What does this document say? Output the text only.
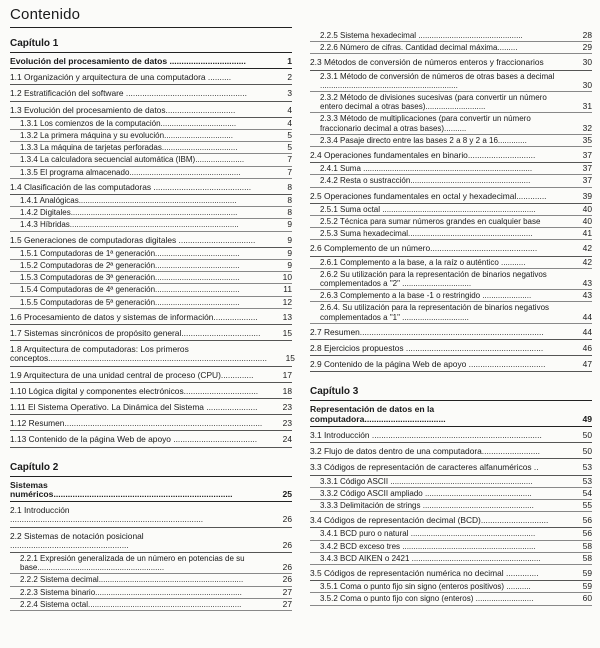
Contenido
Capítulo 1
Evolución del procesamiento de datos ................................	1
1.1 Organización y arquitectura de una computadora ..........	2
1.2 Estratificación del software ....................................................	3
1.3 Evolución del procesamiento de datos..............................	4
1.3.1 Los comienzos de la computación..................................	4
1.3.2 La primera máquina y su evolución...............................	5
1.3.3 La máquina de tarjetas perforadas..................................	5
1.3.4 La calculadora secuencial automática (IBM)......................	7
1.3.5 El programa almacenado..................................................	7
1.4 Clasificación de las computadoras ..........................................	8
1.4.1 Analógicas.......................................................................	8
1.4.2 Digitales...........................................................................	8
1.4.3 Híbridas............................................................................	9
1.5 Generaciones de computadoras digitales .................................	9
1.5.1 Computadoras de 1ª generación......................................	9
1.5.2 Computadoras de 2ª generación......................................	9
1.5.3 Computadoras de 3ª generación......................................	10
1.5.4 Computadoras de 4ª generación......................................	11
1.5.5 Computadoras de 5ª generación......................................	12
1.6 Procesamiento de datos y sistemas de información...................	13
1.7 Sistemas sincrónicos de propósito general..................................	15
1.8 Arquitectura de computadoras: Los primeros conceptos..............................................................................................	15
1.9 Arquitectura de una unidad central de proceso (CPU)..............	17
1.10 Lógica digital y componentes electrónicos................................	18
1.11 El Sistema Operativo. La Dinámica del Sistema ......................	23
1.12 Resumen.....................................................................................	23
1.13 Contenido de la página Web de apoyo ....................................	24
Capítulo 2
Sistemas numéricos...........................................................................	25
2.1 Introducción ...................................................................................	26
2.2 Sistemas de notación posicional ...................................................	26
2.2.1 Expresión generalizada de un número en potencias de su base.........................................................	26
2.2.2 Sistema decimal.................................................................	26
2.2.3 Sistema binario..................................................................	27
2.2.4 Sistema octal.....................................................................	27
2.2.5 Sistema hexadecimal ...............................................	28
2.2.6 Número de cifras. Cantidad decimal máxima.........	29
2.3 Métodos de conversión de números enteros y fraccionarios	30
2.3.1 Método de conversión de números de otras bases a decimal ..............................................................	30
2.3.2 Método de divisiones sucesivas (para convertir un número entero decimal a otras bases)...........................	31
2.3.3 Método de multiplicaciones (para convertir un número fraccionario decimal a otras bases)..........	32
2.3.4 Pasaje directo entre las bases 2 a 8 y 2 a 16.............	35
2.4 Operaciones fundamentales en binario.............................	37
2.4.1 Suma ............................................................................	37
2.4.2 Resta o sustracción......................................................	37
2.5 Operaciones fundamentales en octal y hexadecimal.............	39
2.5.1 Suma octal .....................................................................	40
2.5.2 Técnica para sumar números grandes en cualquier base	40
2.5.3 Suma hexadecimal........................................................	41
2.6 Complemento de un número..............................................	42
2.6.1 Complemento a la base, a la raíz o auténtico ...........	42
2.6.2 Su utilización para la representación de binarios negativos complementados a "2" ...............................	43
2.6.3 Complemento a la base -1 o restringido ......................	43
2.6.4. Su utilización para la representación de binarios negativos complementados a "1" ..............................	44
2.7 Resumen...............................................................................	44
2.8 Ejercicios propuestos ...........................................................	46
2.9 Contenido de la página Web de apoyo .................................	47
Capítulo 3
Representación de datos en la computadora..................................	49
3.1 Introducción .........................................................................	50
3.2 Flujo de datos dentro de una computadora.........................	50
3.3 Códigos de representación de caracteres alfanuméricos ..	53
3.3.1 Código ASCII ................................................................	53
3.3.2 Código ASCII ampliado ................................................	54
3.3.3 Delimitación de strings ..................................................	55
3.4 Códigos de representación decimal (BCD).............................	56
3.4.1 BCD puro o natural ........................................................	56
3.4.2 BCD exceso tres ............................................................	58
3.4.3 BCD AIKEN o 2421 ..........................................................	58
3.5 Códigos de representación numérica no decimal ..............	59
3.5.1 Coma o punto fijo sin signo (enteros positivos) ...........	59
3.5.2 Coma o punto fijo con signo (enteros) ..........................	60
